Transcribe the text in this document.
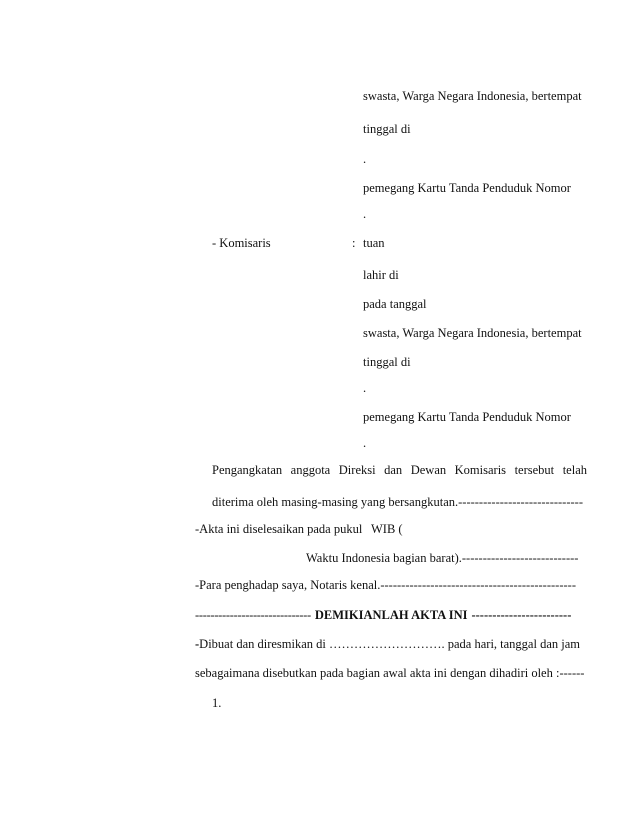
swasta, Warga Negara Indonesia, bertempat
tinggal di
.
pemegang Kartu Tanda Penduduk Nomor
.
- Komisaris	: tuan
lahir di
pada tanggal
swasta, Warga Negara Indonesia, bertempat
tinggal di
.
pemegang Kartu Tanda Penduduk Nomor
.
Pengangkatan anggota Direksi dan Dewan Komisaris tersebut telah
diterima oleh masing-masing yang bersangkutan.------------------------------
-Akta ini diselesaikan pada pukul WIB (
Waktu Indonesia bagian barat).----------------------------
-Para penghadap saya, Notaris kenal.-----------------------------------------------
------------------------------ DEMIKIANLAH AKTA INI ------------------------
-Dibuat dan diresmikan di ………………………. pada hari, tanggal dan jam
sebagaimana disebutkan pada bagian awal akta ini dengan dihadiri oleh :------
1.
